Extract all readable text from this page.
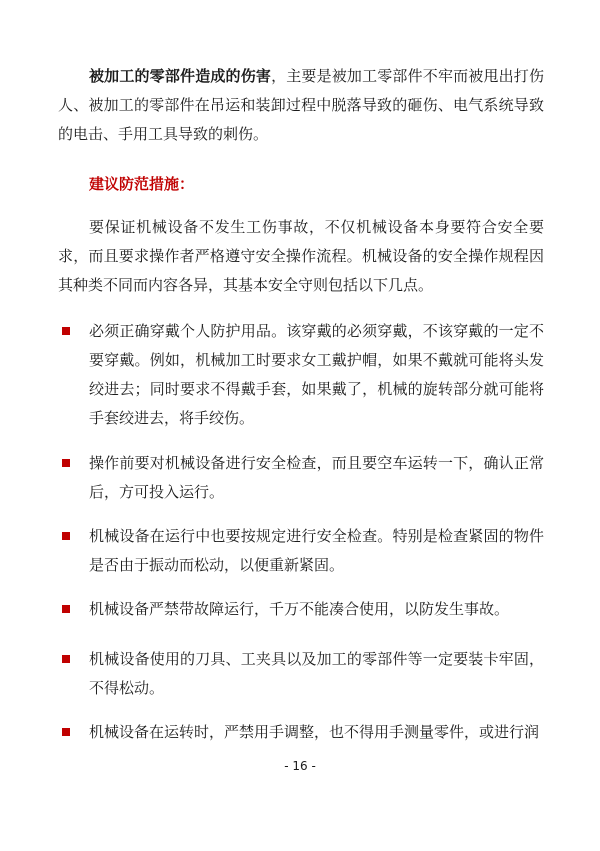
被加工的零部件造成的伤害，主要是被加工零部件不牢而被甩出打伤人、被加工的零部件在吊运和装卸过程中脱落导致的砸伤、电气系统导致的电击、手用工具导致的刺伤。

建议防范措施：

要保证机械设备不发生工伤事故，不仅机械设备本身要符合安全要求，而且要求操作者严格遵守安全操作流程。机械设备的安全操作规程因其种类不同而内容各异，其基本安全守则包括以下几点。

必须正确穿戴个人防护用品。该穿戴的必须穿戴，不该穿戴的一定不要穿戴。例如，机械加工时要求女工戴护帽，如果不戴就可能将头发绞进去；同时要求不得戴手套，如果戴了，机械的旋转部分就可能将手套绞进去，将手绞伤。

操作前要对机械设备进行安全检查，而且要空车运转一下，确认正常后，方可投入运行。

机械设备在运行中也要按规定进行安全检查。特别是检查紧固的物件是否由于振动而松动，以便重新紧固。

机械设备严禁带故障运行，千万不能凑合使用，以防发生事故。

机械设备使用的刀具、工夹具以及加工的零部件等一定要装卡牢固，不得松动。

机械设备在运转时，严禁用手调整，也不得用手测量零件，或进行润

- 16 -
